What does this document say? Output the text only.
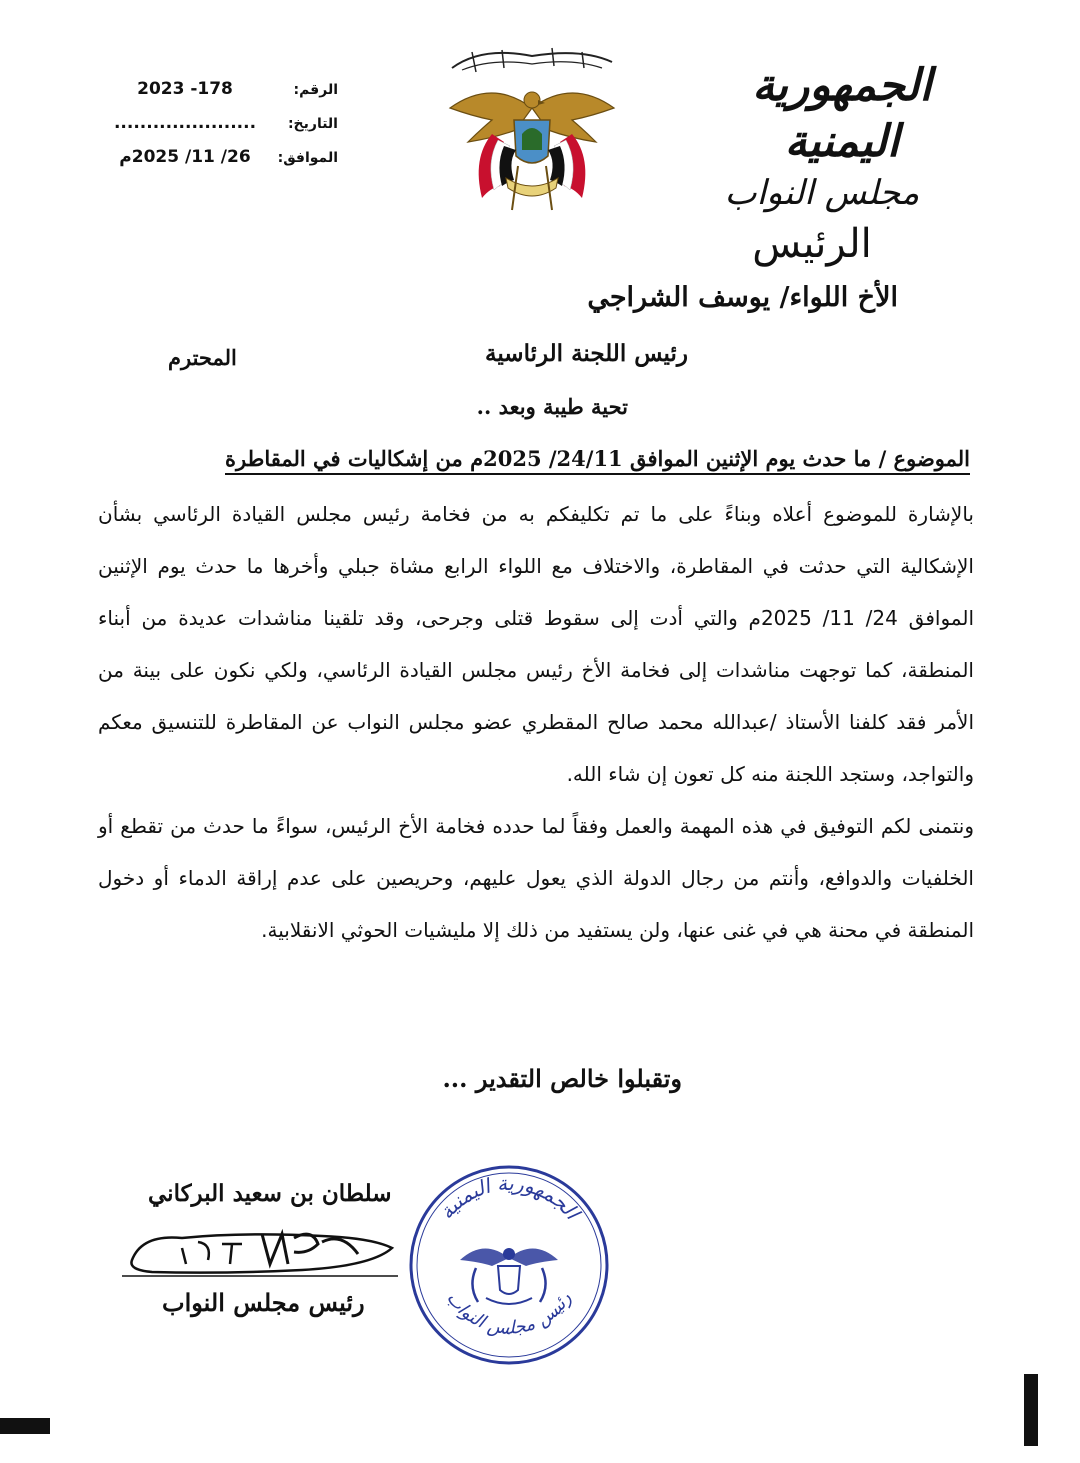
الجمهورية اليمنية
مجلس النواب
الرئيس
الرقم:
2023 -178
التاريخ:
......................
الموافق:
26/ 11/ 2025م
الأخ اللواء/ يوسف الشراجي
رئيس اللجنة الرئاسية
المحترم
تحية طيبة وبعد ..
الموضوع / ما حدث يوم الإثنين الموافق 24/11/ 2025م من إشكاليات في المقاطرة

بالإشارة للموضوع أعلاه وبناءً على ما تم تكليفكم به من فخامة رئيس مجلس القيادة الرئاسي بشأن الإشكالية التي حدثت في المقاطرة، والاختلاف مع اللواء الرابع مشاة جبلي وأخرها ما حدث يوم الإثنين الموافق 24/ 11/ 2025م والتي أدت إلى سقوط قتلى وجرحى، وقد تلقينا مناشدات عديدة من أبناء المنطقة، كما توجهت مناشدات إلى فخامة الأخ رئيس مجلس القيادة الرئاسي، ولكي نكون على بينة من الأمر فقد كلفنا الأستاذ /عبدالله محمد صالح المقطري عضو مجلس النواب عن المقاطرة للتنسيق معكم والتواجد، وستجد اللجنة منه كل تعون إن شاء الله.

ونتمنى لكم التوفيق في هذه المهمة والعمل وفقاً لما حدده فخامة الأخ الرئيس، سواءً ما حدث من تقطع أو الخلفيات والدوافع، وأنتم من رجال الدولة الذي يعول عليهم، وحريصين على عدم إراقة الدماء أو دخول المنطقة في محنة هي في غنى عنها، ولن يستفيد من ذلك إلا مليشيات الحوثي الانقلابية.

وتقبلوا خالص التقدير ...
سلطان بن سعيد البركاني
رئيس مجلس النواب
الجمهورية اليمنية
رئيس مجلس النواب
